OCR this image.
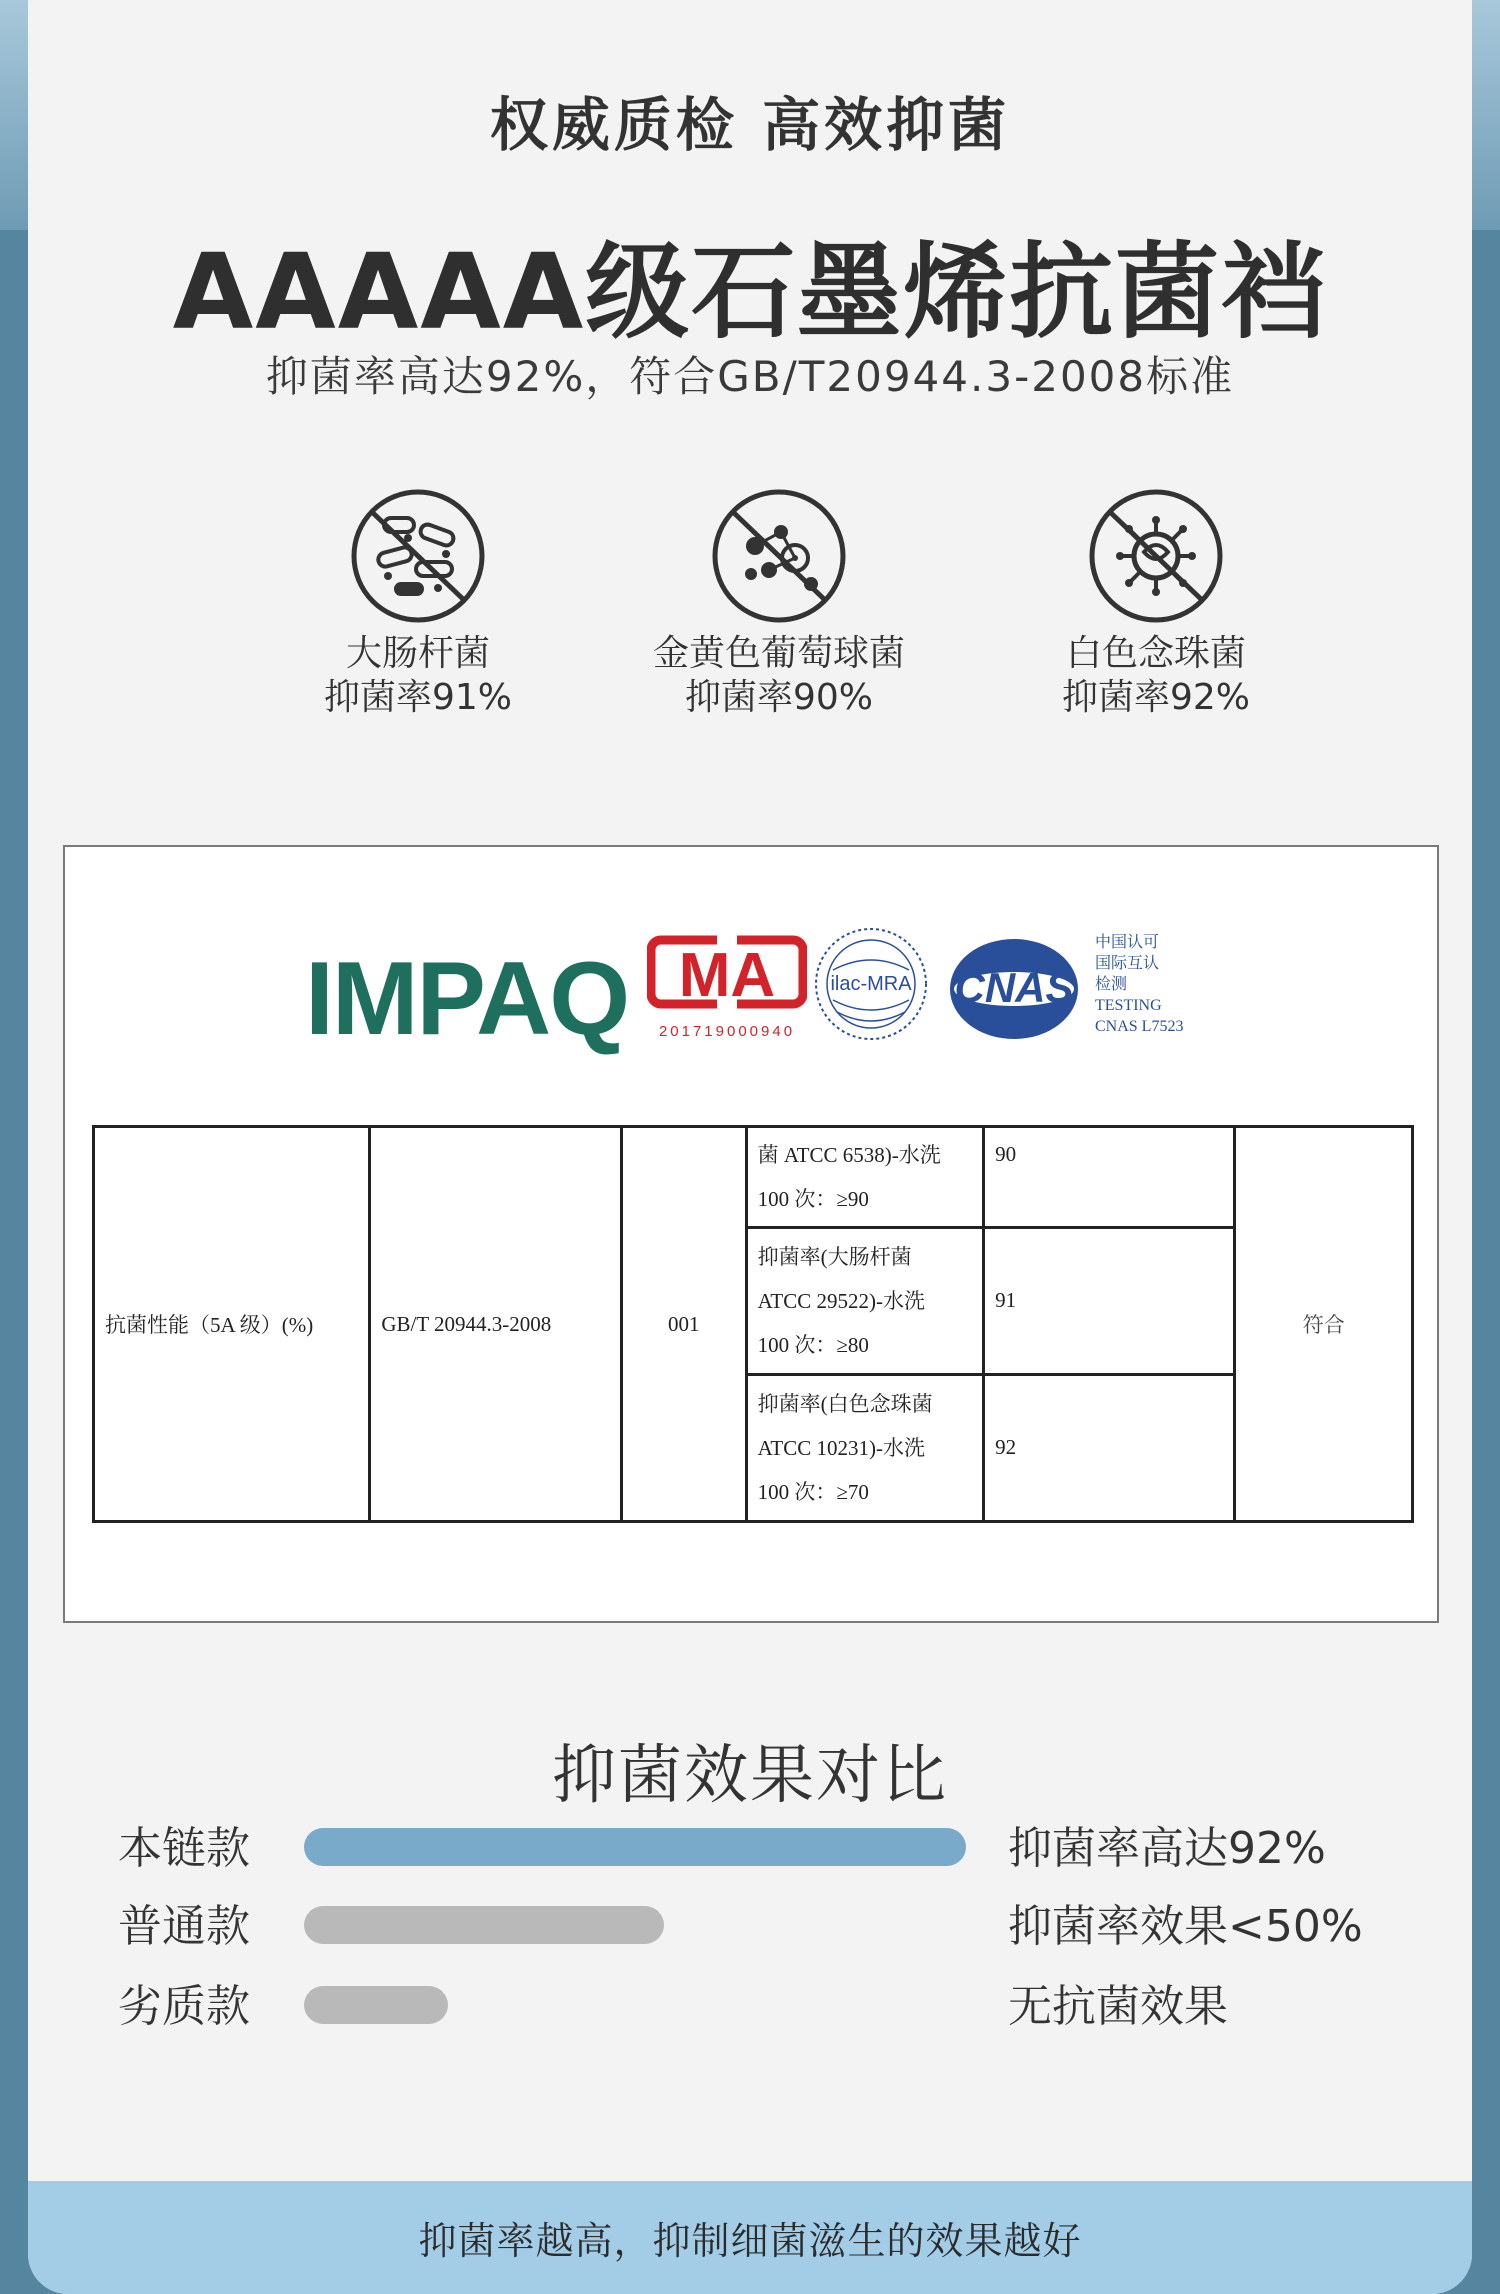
权威质检 高效抑菌
AAAAA级石墨烯抗菌裆
抑菌率高达92%，符合GB/T20944.3-2008标准
大肠杆菌
抑菌率91%
金黄色葡萄球菌
抑菌率90%
白色念珠菌
抑菌率92%
IMPAQ MA
201719000940
ilac-MRA CNAS
中国认可
国际互认
检测
TESTING
CNAS L7523
抗菌性能（5A 级）(%)	GB/T 20944.3-2008	001	菌 ATCC 6538)-水洗
100 次：≥90	90	符合

			抑菌率(大肠杆菌
ATCC 29522)-水洗
100 次：≥80	91	

			抑菌率(白色念珠菌
ATCC 10231)-水洗
100 次：≥70	92	
抑菌效果对比
本链款	抑菌率高达92%
普通款	抑菌率效果<50%
劣质款	无抗菌效果
抑菌率越高，抑制细菌滋生的效果越好
